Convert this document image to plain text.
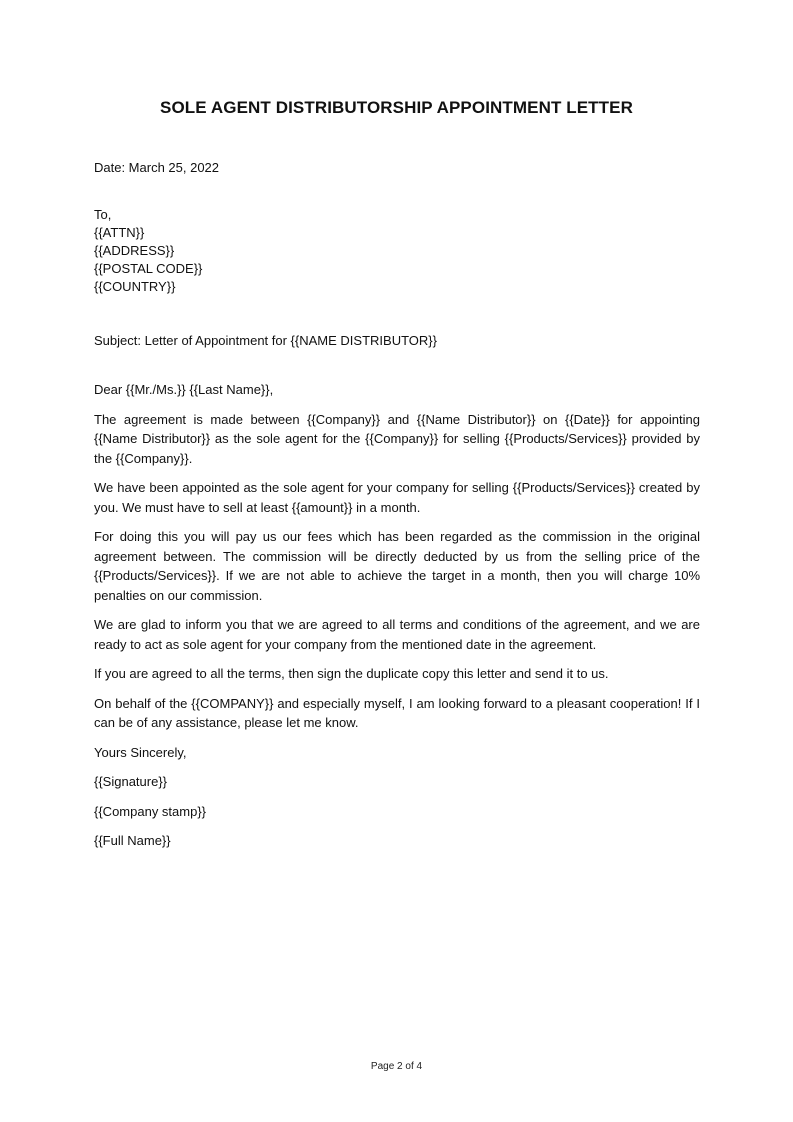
SOLE AGENT DISTRIBUTORSHIP APPOINTMENT LETTER
Date: March 25, 2022
To,
{{ATTN}}
{{ADDRESS}}
{{POSTAL CODE}}
{{COUNTRY}}
Subject: Letter of Appointment for {{NAME DISTRIBUTOR}}

Dear {{Mr./Ms.}} {{Last Name}},

The agreement is made between {{Company}} and {{Name Distributor}} on {{Date}} for appointing {{Name Distributor}} as the sole agent for the {{Company}} for selling {{Products/Services}} provided by the {{Company}}.

We have been appointed as the sole agent for your company for selling {{Products/Services}} created by you. We must have to sell at least {{amount}} in a month.

For doing this you will pay us our fees which has been regarded as the commission in the original agreement between. The commission will be directly deducted by us from the selling price of the {{Products/Services}}. If we are not able to achieve the target in a month, then you will charge 10% penalties on our commission.

We are glad to inform you that we are agreed to all terms and conditions of the agreement, and we are ready to act as sole agent for your company from the mentioned date in the agreement.

If you are agreed to all the terms, then sign the duplicate copy this letter and send it to us.

On behalf of the {{COMPANY}} and especially myself, I am looking forward to a pleasant cooperation! If I can be of any assistance, please let me know.

Yours Sincerely,

{{Signature}}

{{Company stamp}}

{{Full Name}}

Page 2 of 4
